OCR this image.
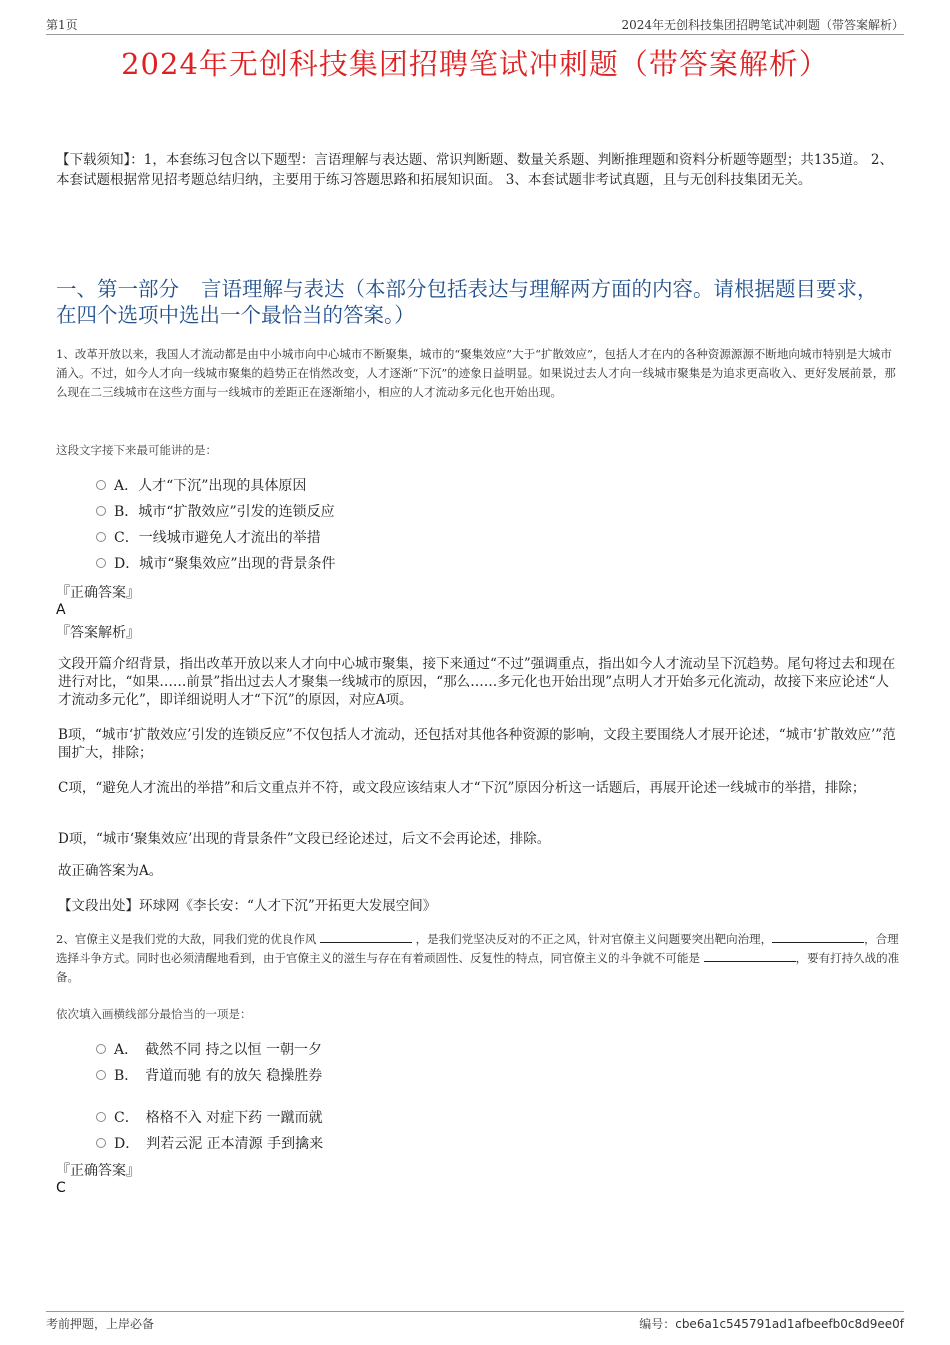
第1页	2024年无创科技集团招聘笔试冲刺题（带答案解析）
2024年无创科技集团招聘笔试冲刺题（带答案解析）
【下载须知】：1，本套练习包含以下题型：言语理解与表达题、常识判断题、数量关系题、判断推理题和资料分析题等题型；共135道。 2、本套试题根据常见招考题总结归纳，主要用于练习答题思路和拓展知识面。 3、本套试题非考试真题，且与无创科技集团无关。
一、第一部分 言语理解与表达（本部分包括表达与理解两方面的内容。请根据题目要求，在四个选项中选出一个最恰当的答案。）
1、改革开放以来，我国人才流动都是由中小城市向中心城市不断聚集，城市的“聚集效应”大于“扩散效应”，包括人才在内的各种资源源源不断地向城市特别是大城市涌入。不过，如今人才向一线城市聚集的趋势正在悄然改变，人才逐渐“下沉”的迹象日益明显。如果说过去人才向一线城市聚集是为追求更高收入、更好发展前景，那么现在二三线城市在这些方面与一线城市的差距正在逐渐缩小，相应的人才流动多元化也开始出现。
这段文字接下来最可能讲的是：
A．人才“下沉”出现的具体原因
B．城市“扩散效应”引发的连锁反应
C．一线城市避免人才流出的举措
D．城市“聚集效应”出现的背景条件
『正确答案』
A
『答案解析』
文段开篇介绍背景，指出改革开放以来人才向中心城市聚集，接下来通过“不过”强调重点，指出如今人才流动呈下沉趋势。尾句将过去和现在进行对比，“如果……前景”指出过去人才聚集一线城市的原因，“那么……多元化也开始出现”点明人才开始多元化流动，故接下来应论述“人才流动多元化”，即详细说明人才“下沉”的原因，对应A项。
B项，“城市‘扩散效应’引发的连锁反应”不仅包括人才流动，还包括对其他各种资源的影响，文段主要围绕人才展开论述，“城市‘扩散效应’”范围扩大，排除；
C项，“避免人才流出的举措”和后文重点并不符，或文段应该结束人才“下沉”原因分析这一话题后，再展开论述一线城市的举措，排除；
D项，“城市‘聚集效应’出现的背景条件”文段已经论述过，后文不会再论述，排除。
故正确答案为A。
【文段出处】环球网《李长安：“人才下沉”开拓更大发展空间》
2、官僚主义是我们党的大敌，同我们党的优良作风	，是我们党坚决反对的不正之风，针对官僚主义问题要突出靶向治理，	，合理选择斗争方式。同时也必须清醒地看到，由于官僚主义的滋生与存在有着顽固性、反复性的特点，同官僚主义的斗争就不可能是	，要有打持久战的准备。
依次填入画横线部分最恰当的一项是：
A．　截然不同 持之以恒 一朝一夕
B．　背道而驰 有的放矢 稳操胜券
C．　格格不入 对症下药 一蹴而就
D．　判若云泥 正本清源 手到擒来
『正确答案』
C
考前押题，上岸必备	编号：cbe6a1c545791ad1afbeefb0c8d9ee0f
